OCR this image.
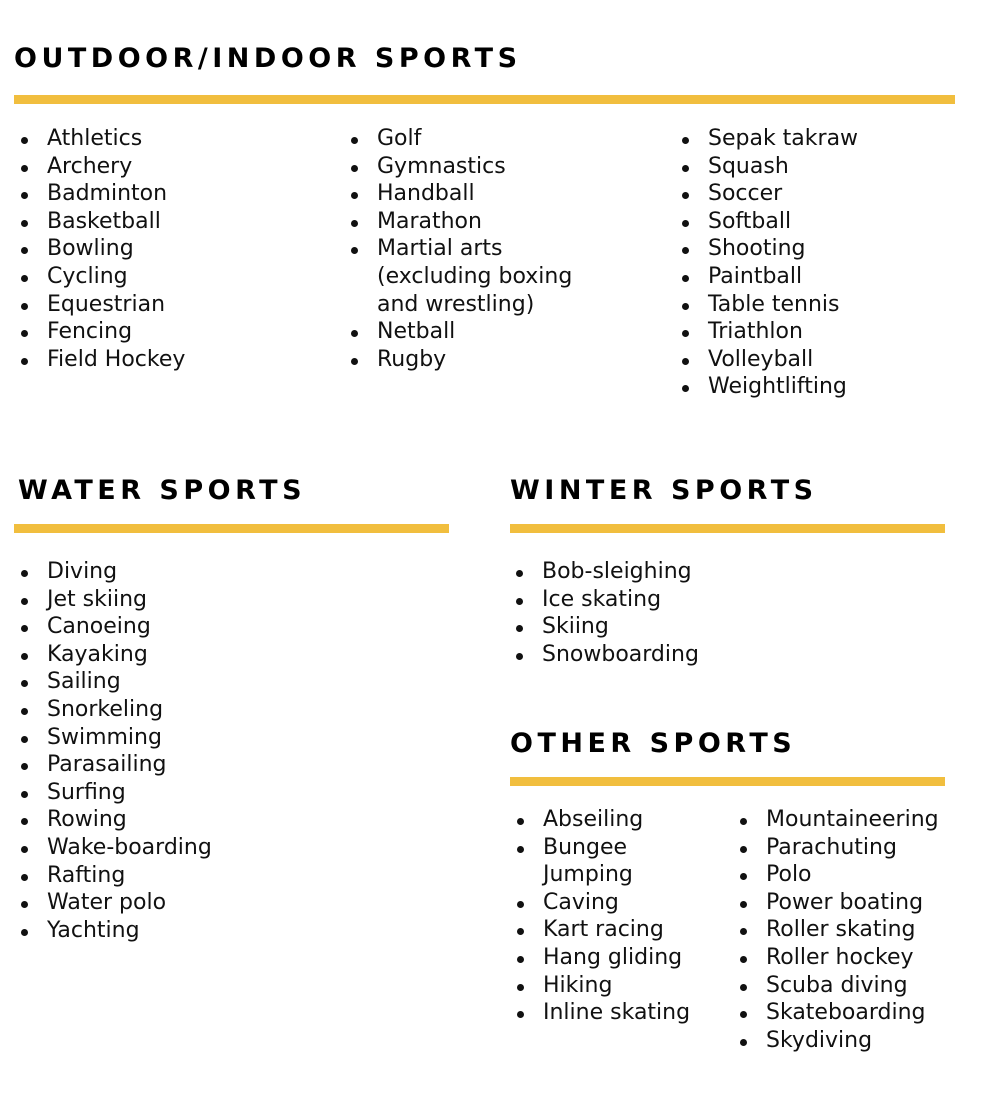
OUTDOOR/INDOOR SPORTS
Athletics
Archery
Badminton
Basketball
Bowling
Cycling
Equestrian
Fencing
Field Hockey
Golf
Gymnastics
Handball
Marathon
Martial arts
(excluding boxing
and wrestling)
Netball
Rugby
Sepak takraw
Squash
Soccer
Softball
Shooting
Paintball
Table tennis
Triathlon
Volleyball
Weightlifting
WATER SPORTS
Diving
Jet skiing
Canoeing
Kayaking
Sailing
Snorkeling
Swimming
Parasailing
Surfing
Rowing
Wake-boarding
Rafting
Water polo
Yachting
WINTER SPORTS
Bob-sleighing
Ice skating
Skiing
Snowboarding
OTHER SPORTS
Abseiling
Bungee
Jumping
Caving
Kart racing
Hang gliding
Hiking
Inline skating
Mountaineering
Parachuting
Polo
Power boating
Roller skating
Roller hockey
Scuba diving
Skateboarding
Skydiving
